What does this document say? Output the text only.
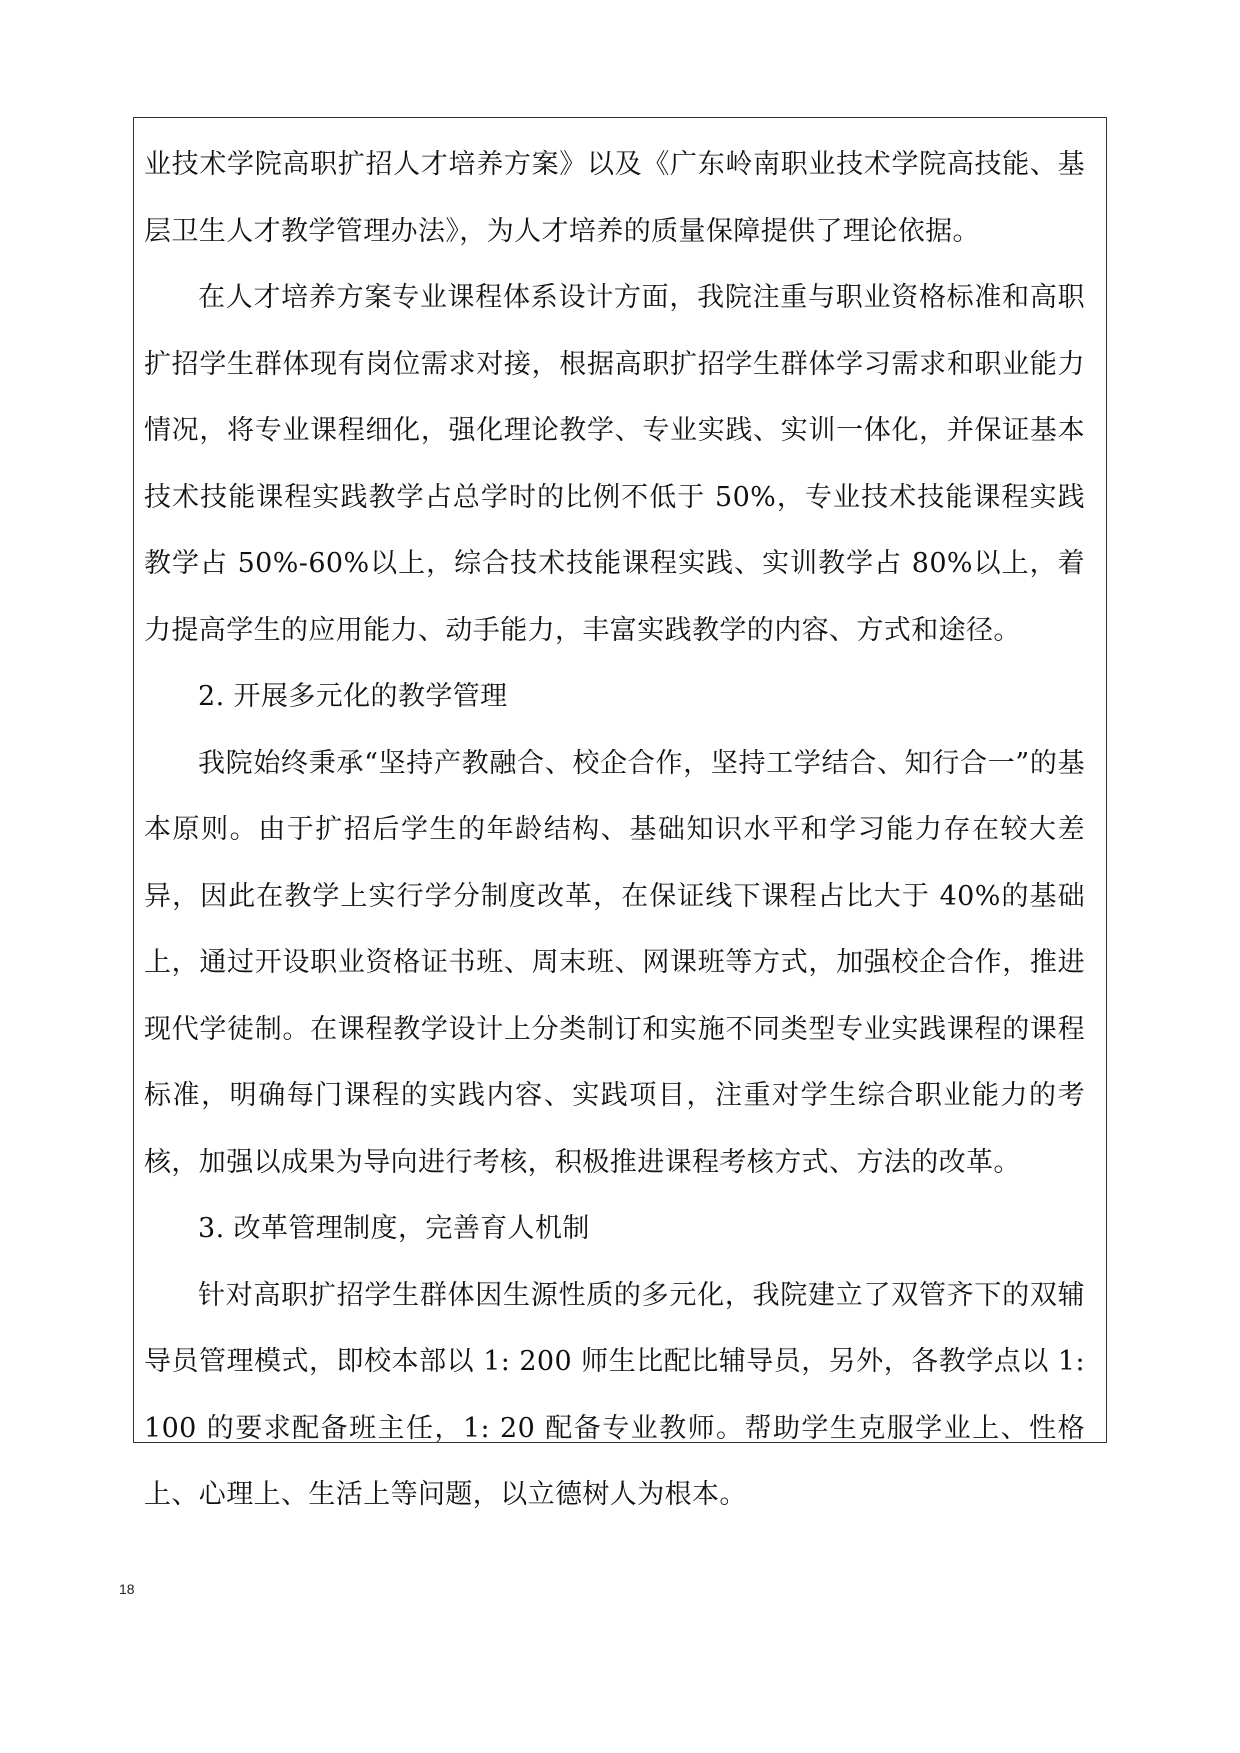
业技术学院高职扩招人才培养方案》以及《广东岭南职业技术学院高技能、基层卫生人才教学管理办法》，为人才培养的质量保障提供了理论依据。

在人才培养方案专业课程体系设计方面，我院注重与职业资格标准和高职扩招学生群体现有岗位需求对接，根据高职扩招学生群体学习需求和职业能力情况，将专业课程细化，强化理论教学、专业实践、实训一体化，并保证基本技术技能课程实践教学占总学时的比例不低于 50%，专业技术技能课程实践教学占 50%-60%以上，综合技术技能课程实践、实训教学占 80%以上，着力提高学生的应用能力、动手能力，丰富实践教学的内容、方式和途径。

2. 开展多元化的教学管理

我院始终秉承“坚持产教融合、校企合作，坚持工学结合、知行合一”的基本原则。由于扩招后学生的年龄结构、基础知识水平和学习能力存在较大差异，因此在教学上实行学分制度改革，在保证线下课程占比大于 40%的基础上，通过开设职业资格证书班、周末班、网课班等方式，加强校企合作，推进现代学徒制。在课程教学设计上分类制订和实施不同类型专业实践课程的课程标准，明确每门课程的实践内容、实践项目，注重对学生综合职业能力的考核，加强以成果为导向进行考核，积极推进课程考核方式、方法的改革。

3. 改革管理制度，完善育人机制

针对高职扩招学生群体因生源性质的多元化，我院建立了双管齐下的双辅导员管理模式，即校本部以 1: 200 师生比配比辅导员，另外，各教学点以 1: 100 的要求配备班主任，1: 20 配备专业教师。帮助学生克服学业上、性格上、心理上、生活上等问题，以立德树人为根本。

18
